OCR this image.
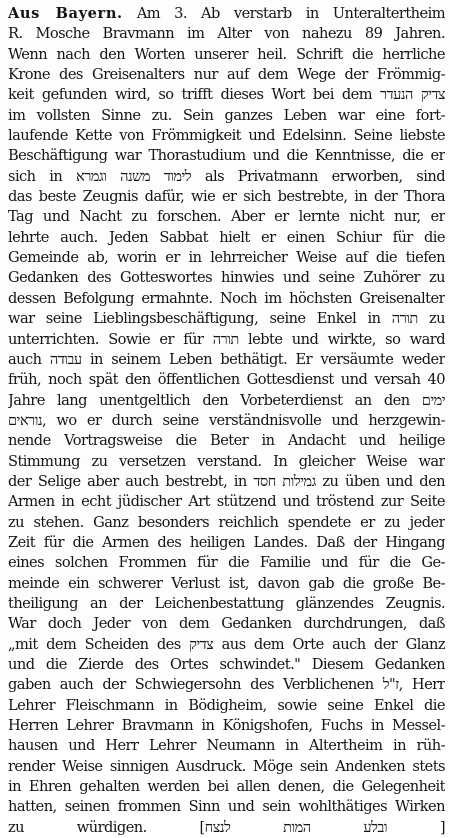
Aus Bayern. Am 3. Ab verstarb in Unteraltertheim
R. Mosche Bravmann im Alter von nahezu 89 Jahren.
Wenn nach den Worten unserer heil. Schrift die herrliche
Krone des Greisenalters nur auf dem Wege der Frömmig-
keit gefunden wird, so trifft dieses Wort bei dem צדיק הנעדר
im vollsten Sinne zu. Sein ganzes Leben war eine fort-
laufende Kette von Frömmigkeit und Edelsinn. Seine liebste
Beschäftigung war Thorastudium und die Kenntnisse, die er
sich in לימוד משנה וגמרא als Privatmann erworben, sind
das beste Zeugnis dafür, wie er sich bestrebte, in der Thora
Tag und Nacht zu forschen. Aber er lernte nicht nur, er
lehrte auch. Jeden Sabbat hielt er einen Schiur für die
Gemeinde ab, worin er in lehrreicher Weise auf die tiefen
Gedanken des Gotteswortes hinwies und seine Zuhörer zu
dessen Befolgung ermahnte. Noch im höchsten Greisenalter
war seine Lieblingsbeschäftigung, seine Enkel in תורה zu
unterrichten. Sowie er für תורה lebte und wirkte, so ward
auch עבודה in seinem Leben bethätigt. Er versäumte weder
früh, noch spät den öffentlichen Gottesdienst und versah 40
Jahre lang unentgeltlich den Vorbeterdienst an den ימים
נוראים, wo er durch seine verständnisvolle und herzgewin-
nende Vortragsweise die Beter in Andacht und heilige
Stimmung zu versetzen verstand. In gleicher Weise war
der Selige aber auch bestrebt, in גמילות חסד zu üben und den
Armen in echt jüdischer Art stützend und tröstend zur Seite
zu stehen. Ganz besonders reichlich spendete er zu jeder
Zeit für die Armen des heiligen Landes. Daß der Hingang
eines solchen Frommen für die Familie und für die Ge-
meinde ein schwerer Verlust ist, davon gab die große Be-
theiligung an der Leichenbestattung glänzendes Zeugnis.
War doch Jeder von dem Gedanken durchdrungen, daß
„mit dem Scheiden des צדיק aus dem Orte auch der Glanz
und die Zierde des Ortes schwindet." Diesem Gedanken
gaben auch der Schwiegersohn des Verblichenen ז"ל, Herr
Lehrer Fleischmann in Bödigheim, sowie seine Enkel die
Herren Lehrer Bravmann in Königshofen, Fuchs in Messel-
hausen und Herr Lehrer Neumann in Altertheim in rüh-
render Weise sinnigen Ausdruck. Möge sein Andenken stets
in Ehren gehalten werden bei allen denen, die Gelegenheit
hatten, seinen frommen Sinn und sein wohlthätiges Wirken
zu würdigen. [ובלע המות לנצח ]
